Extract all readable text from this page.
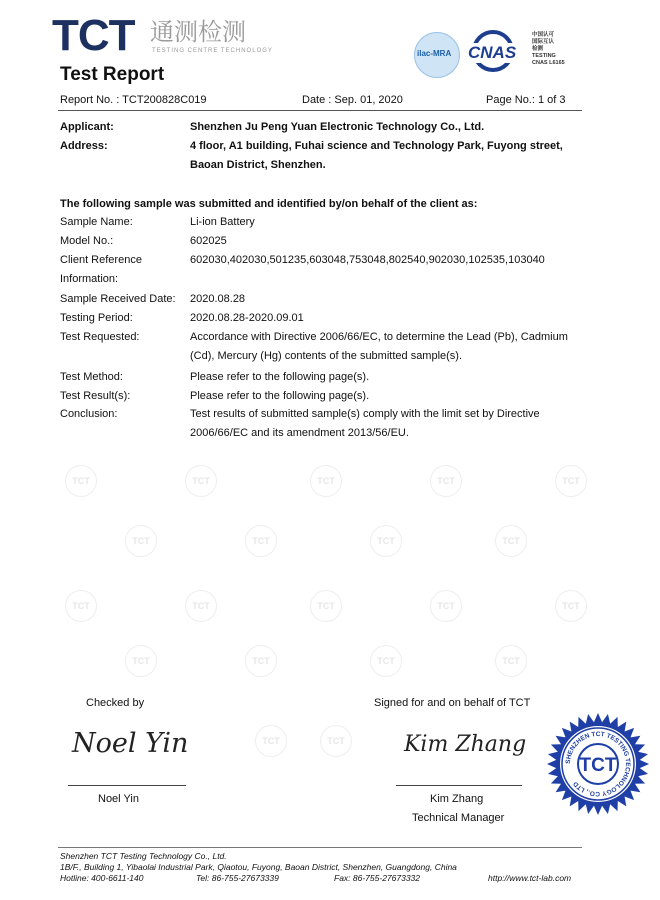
TCT	TCT	TCT	TCT	TCT
TCT	TCT	TCT	TCT
TCT	TCT	TCT	TCT	TCT
TCT	TCT	TCT	TCT
TCT	TCT
TCT 通测检测
TESTING CENTRE TECHNOLOGY	ilac-MRA CNAS
中国认可
国际互认
检测
TESTING
CNAS L6165
Test Report
Report No. : TCT200828C019	Date : Sep. 01, 2020	Page No.: 1 of 3
Applicant:	Shenzhen Ju Peng Yuan Electronic Technology Co., Ltd.
Address:	4 floor, A1 building, Fuhai science and Technology Park, Fuyong street,
Baoan District, Shenzhen.
The following sample was submitted and identified by/on behalf of the client as:
Sample Name:	Li-ion Battery
Model No.:	602025
Client Reference	602030,402030,501235,603048,753048,802540,902030,102535,103040
Information:
Sample Received Date: 2020.08.28
Testing Period:	2020.08.28-2020.09.01
Test Requested:	Accordance with Directive 2006/66/EC, to determine the Lead (Pb), Cadmium
(Cd), Mercury (Hg) contents of the submitted sample(s).
Test Method:	Please refer to the following page(s).
Test Result(s):	Please refer to the following page(s).
Conclusion:	Test results of submitted sample(s) comply with the limit set by Directive
2006/66/EC and its amendment 2013/56/EU.
Checked by
Noel Yin
Noel Yin
Signed for and on behalf of TCT
Kim Zhang
Kim Zhang
Technical Manager
SHENZHEN TCT TESTING TECHNOLOGY CO., LTD
TCT
Shenzhen TCT Testing Technology Co., Ltd.
1B/F., Building 1, Yibaolai Industrial Park, Qiaotou, Fuyong, Baoan District, Shenzhen, Guangdong, China
Hotline: 400-6611-140	Tel: 86-755-27673339	Fax: 86-755-27673332	http://www.tct-lab.com
